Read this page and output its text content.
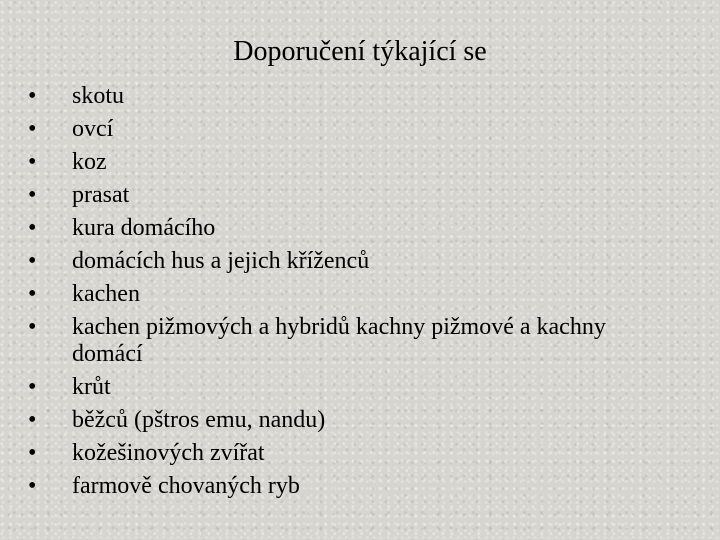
Doporučení týkající se
• skotu
• ovcí
• koz
• prasat
• kura domácího
• domácích hus a jejich kříženců
• kachen
• kachen pižmových a hybridů kachny pižmové a kachny domácí
• krůt
• běžců (pštros emu, nandu)
• kožešinových zvířat
• farmově chovaných ryb
